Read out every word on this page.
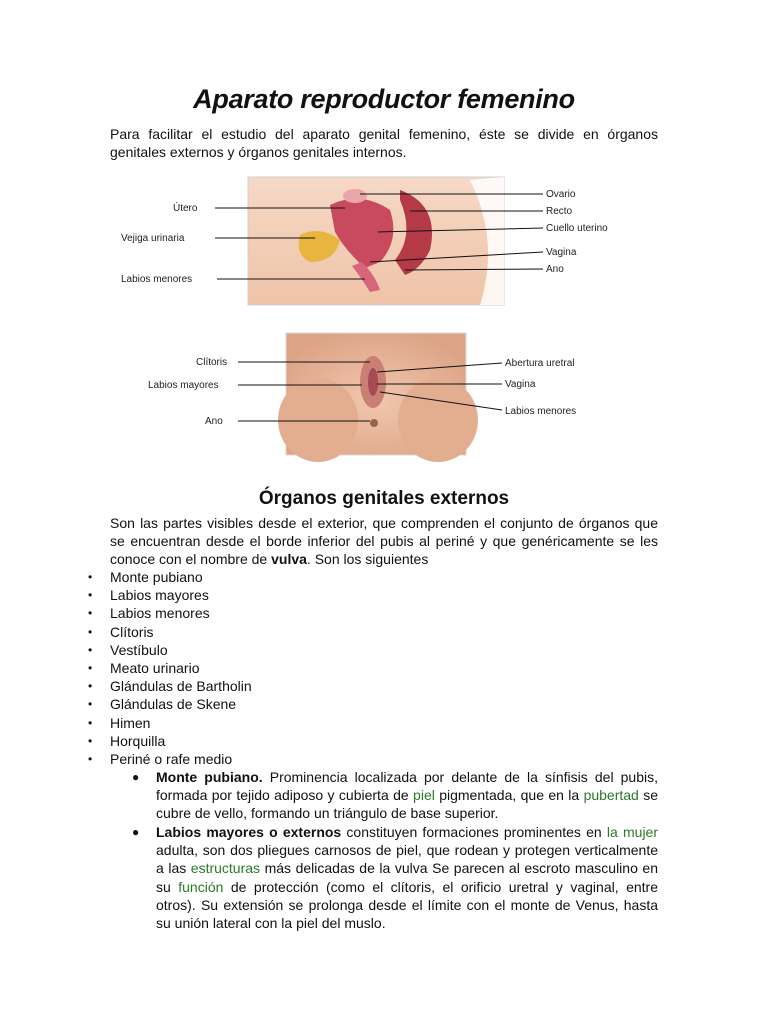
Aparato reproductor femenino
Para facilitar el estudio del aparato genital femenino, éste se divide en órganos genitales externos y órganos genitales internos.
Útero
Vejiga urinaria
Labios menores
Ovario
Recto
Cuello uterino
Vagina
Ano
Clítoris
Labios mayores
Ano
Abertura uretral
Vagina
Labios menores
Órganos genitales externos
Son las partes visibles desde el exterior, que comprenden el conjunto de órganos que se encuentran desde el borde inferior del pubis al periné y que genéricamente se les conoce con el nombre de vulva. Son los siguientes
• Monte pubiano
• Labios mayores
• Labios menores
• Clítoris
• Vestíbulo
• Meato urinario
• Glándulas de Bartholin
• Glándulas de Skene
• Himen
• Horquilla
• Periné o rafe medio
● Monte pubiano. Prominencia localizada por delante de la sínfisis del pubis, formada por tejido adiposo y cubierta de piel pigmentada, que en la pubertad se cubre de vello, formando un triángulo de base superior.
● Labios mayores o externos constituyen formaciones prominentes en la mujer adulta, son dos pliegues carnosos de piel, que rodean y protegen verticalmente a las estructuras más delicadas de la vulva Se parecen al escroto masculino en su función de protección (como el clítoris, el orificio uretral y vaginal, entre otros). Su extensión se prolonga desde el límite con el monte de Venus, hasta su unión lateral con la piel del muslo.
